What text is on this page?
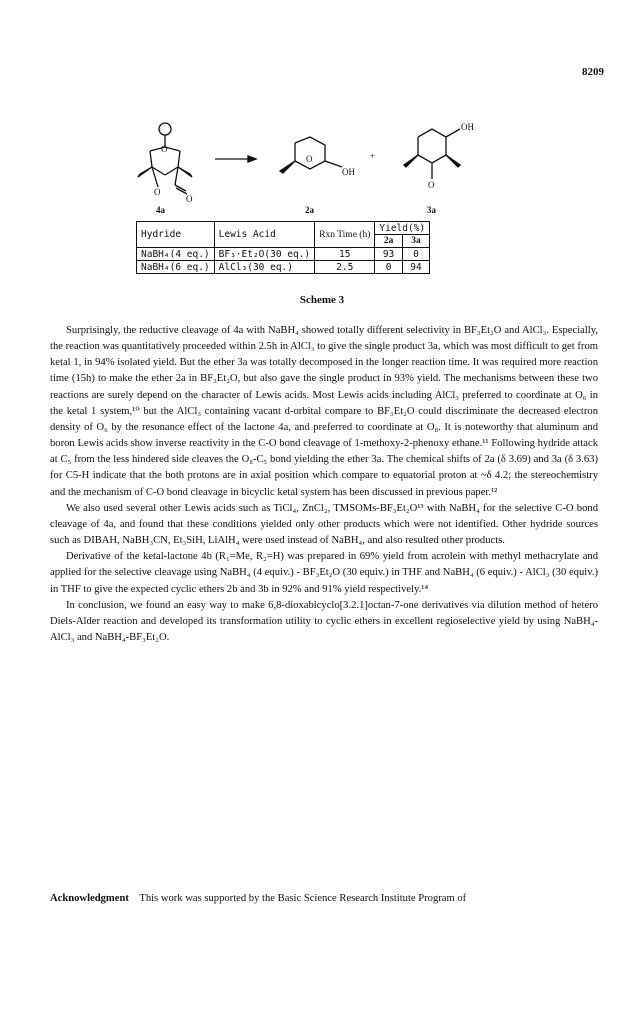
8209
O
O
O
O
OH
+
OH
O
4a	2a	3a
Hydride	Lewis Acid	Rxn Time (h)	Yield(%)	
			2a	3a
NaBH₄(4 eq.)	BF₃·Et₂O(30 eq.)	15	93	0
NaBH₄(6 eq.)	AlCl₃(30 eq.)	2.5	0	94
Scheme 3

Surprisingly, the reductive cleavage of 4a with NaBH₄ showed totally different selectivity in BF₃Et₂O and AlCl₃. Especially, the reaction was quantitatively proceeded within 2.5h in AlCl₃ to give the single product 3a, which was most difficult to get from ketal 1, in 94% isolated yield. But the ether 3a was totally decomposed in the longer reaction time. It was required more reaction time (15h) to make the ether 2a in BF₃Et₂O, but also gave the single product in 93% yield. The mechanisms between these two reactions are surely depend on the character of Lewis acids. Most Lewis acids including AlCl₃ preferred to coordinate at O₆ in the ketal 1 system,¹⁰ but the AlCl₃ containing vacant d-orbital compare to BF₃Et₂O could discriminate the decreased electron density of O₆ by the resonance effect of the lactone 4a, and preferred to coordinate at O₈. It is noteworthy that aluminum and boron Lewis acids show inverse reactivity in the C-O bond cleavage of 1-methoxy-2-phenoxy ethane.¹¹ Following hydride attack at C₅ from the less hindered side cleaves the O₈-C₅ bond yielding the ether 3a. The chemical shifts of 2a (δ 3.69) and 3a (δ 3.63) for C5-H indicate that the both protons are in axial position which compare to equatorial proton at ~δ 4.2; the stereochemistry and the mechanism of C-O bond cleavage in bicyclic ketal system has been discussed in previous paper.¹²

We also used several other Lewis acids such as TiCl₄, ZnCl₂, TMSOMs-BF₃Et₂O¹³ with NaBH₄ for the selective C-O bond cleavage of 4a, and found that these conditions yielded only other products which were not identified. Other hydride sources such as DIBAH, NaBH₃CN, Et₃SiH, LiAlH₄ were used instead of NaBH₄, and also resulted other products.

Derivative of the ketal-lactone 4b (R₁=Me, R₂=H) was prepared in 69% yield from acrolein with methyl methacrylate and applied for the selective cleavage using NaBH₄ (4 equiv.) - BF₃Et₂O (30 equiv.) in THF and NaBH₄ (6 equiv.) - AlCl₃ (30 equiv.) in THF to give the expected cyclic ethers 2b and 3b in 92% and 91% yield respectively.¹⁴

In conclusion, we found an easy way to make 6,8-dioxabicyclo[3.2.1]octan-7-one derivatives via dilution method of hetero Diels-Alder reaction and developed its transformation utility to cyclic ethers in excellent regioselective yield by using NaBH₄-AlCl₃ and NaBH₄-BF₃Et₂O.

Acknowledgment This work was supported by the Basic Science Research Institute Program of
